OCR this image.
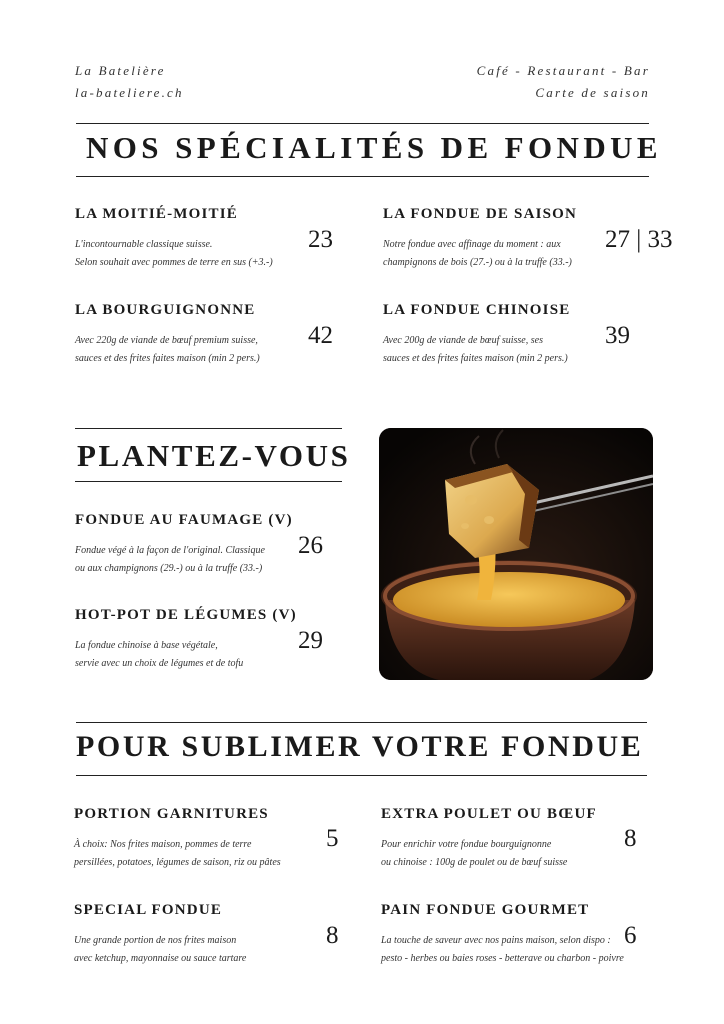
La Batelière
la-bateliere.ch
Café - Restaurant - Bar
Carte de saison
NOS SPÉCIALITÉS DE FONDUE
LA MOITIÉ-MOITIÉ
L'incontournable classique suisse.
Selon souhait avec pommes de terre en sus (+3.-)
23
LA FONDUE DE SAISON
Notre fondue avec affinage du moment : aux
champignons de bois (27.-) ou à la truffe (33.-)
27 | 33
LA BOURGUIGNONNE
Avec 220g de viande de bœuf premium suisse,
sauces et des frites faites maison (min 2 pers.)
42
LA FONDUE CHINOISE
Avec 200g de viande de bœuf suisse, ses
sauces et des frites faites maison (min 2 pers.)
39
PLANTEZ-VOUS
FONDUE AU FAUMAGE (V)
Fondue végé à la façon de l'original. Classique
ou aux champignons (29.-) ou à la truffe (33.-)
26
HOT-POT DE LÉGUMES (V)
La fondue chinoise à base végétale,
servie avec un choix de légumes et de tofu
29
POUR SUBLIMER VOTRE FONDUE
PORTION GARNITURES
À choix: Nos frites maison, pommes de terre
persillées, potatoes, légumes de saison, riz ou pâtes
5
EXTRA POULET OU BŒUF
Pour enrichir votre fondue bourguignonne
ou chinoise : 100g de poulet ou de bœuf suisse
8
SPECIAL FONDUE
Une grande portion de nos frites maison
avec ketchup, mayonnaise ou sauce tartare
8
PAIN FONDUE GOURMET
La touche de saveur avec nos pains maison, selon dispo :
pesto - herbes ou baies roses - betterave ou charbon - poivre
6
